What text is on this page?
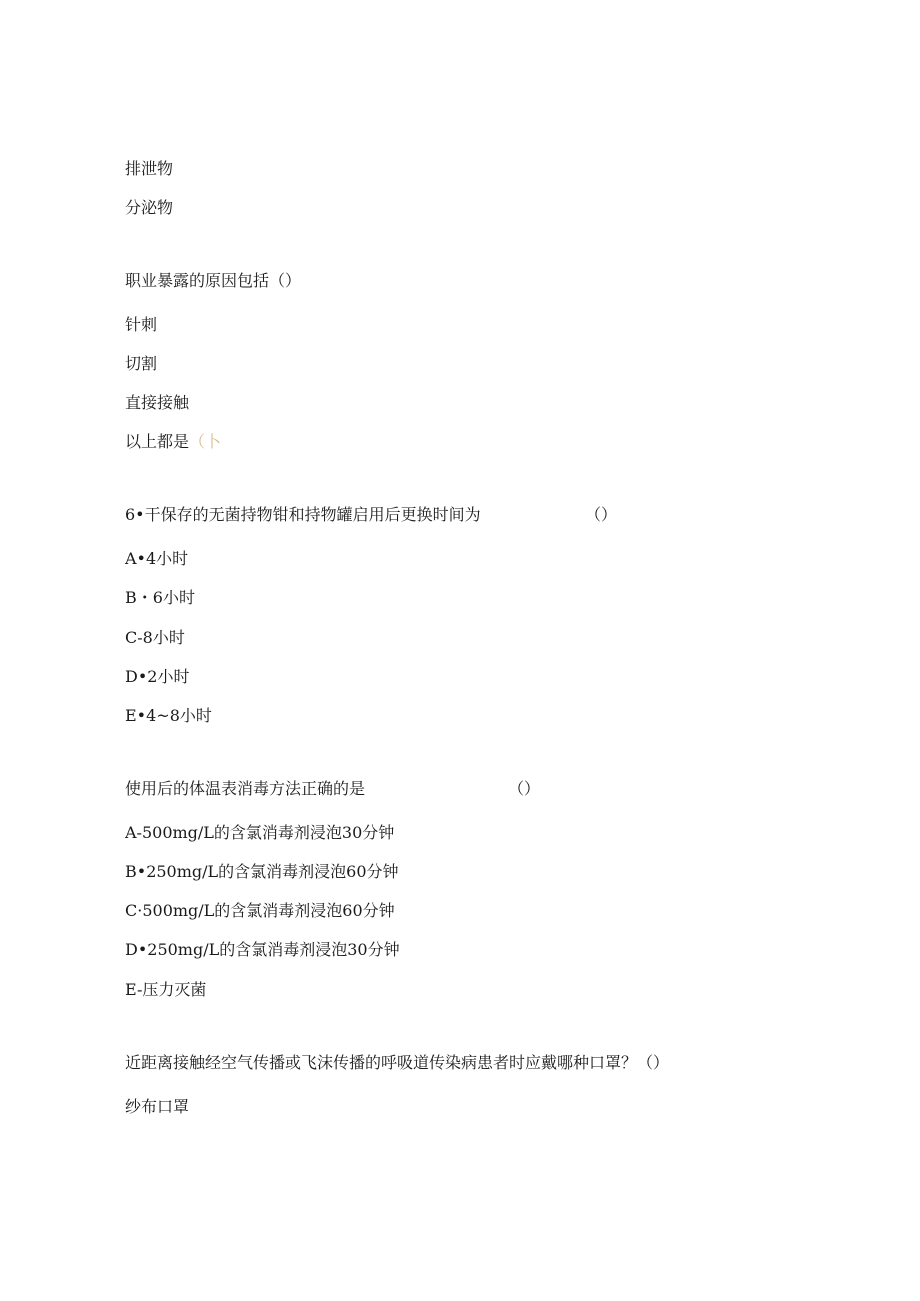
排泄物
分泌物
职业暴露的原因包括（）
针刺
切割
直接接触
以上都是（卜
6•干保存的无菌持物钳和持物罐启用后更换时间为	（）
A•4小时
B・6小时
C-8小时
D•2小时
E•4~8小时
使用后的体温表消毒方法正确的是	（）
A-500mg/L的含氯消毒剂浸泡30分钟
B•250mg/L的含氯消毒剂浸泡60分钟
C·500mg/L的含氯消毒剂浸泡60分钟
D•250mg/L的含氯消毒剂浸泡30分钟
E-压力灭菌
近距离接触经空气传播或飞沫传播的呼吸道传染病患者时应戴哪种口罩？（）
纱布口罩
